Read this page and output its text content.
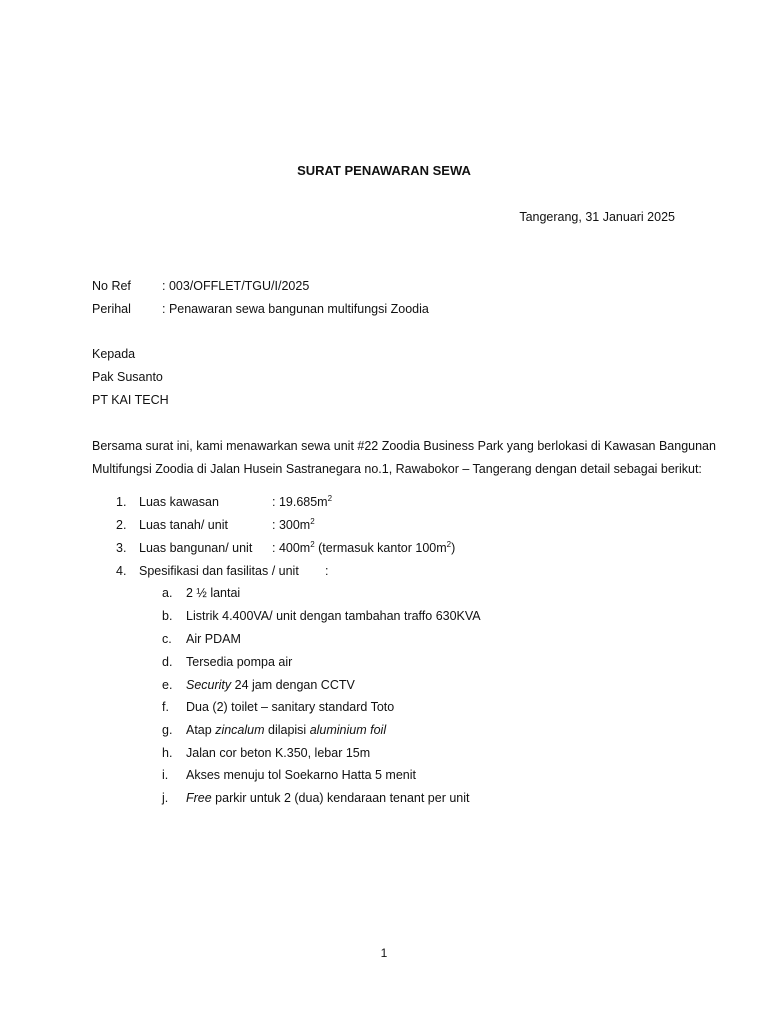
SURAT PENAWARAN SEWA
Tangerang, 31 Januari 2025
No Ref : 003/OFFLET/TGU/I/2025
Perihal : Penawaran sewa bangunan multifungsi Zoodia
Kepada
Pak Susanto
PT KAI TECH
Bersama surat ini, kami menawarkan sewa unit #22 Zoodia Business Park yang berlokasi di Kawasan Bangunan
Multifungsi Zoodia di Jalan Husein Sastranegara no.1, Rawabokor – Tangerang dengan detail sebagai berikut:
1. Luas kawasan	: $19.685m^2$
2. Luas tanah/ unit	: $300m^2$
3. Luas bangunan/ unit : $400m^2$ (termasuk kantor $100m^2$)
4. Spesifikasi dan fasilitas / unit :
a. 2 ½ lantai
b. Listrik 4.400VA/ unit dengan tambahan traffo 630KVA
c. Air PDAM
d. Tersedia pompa air
e. Security 24 jam dengan CCTV
f. Dua (2) toilet – sanitary standard Toto
g. Atap zincalum dilapisi aluminium foil
h. Jalan cor beton K.350, lebar 15m
i. Akses menuju tol Soekarno Hatta 5 menit
j. Free parkir untuk 2 (dua) kendaraan tenant per unit
1
